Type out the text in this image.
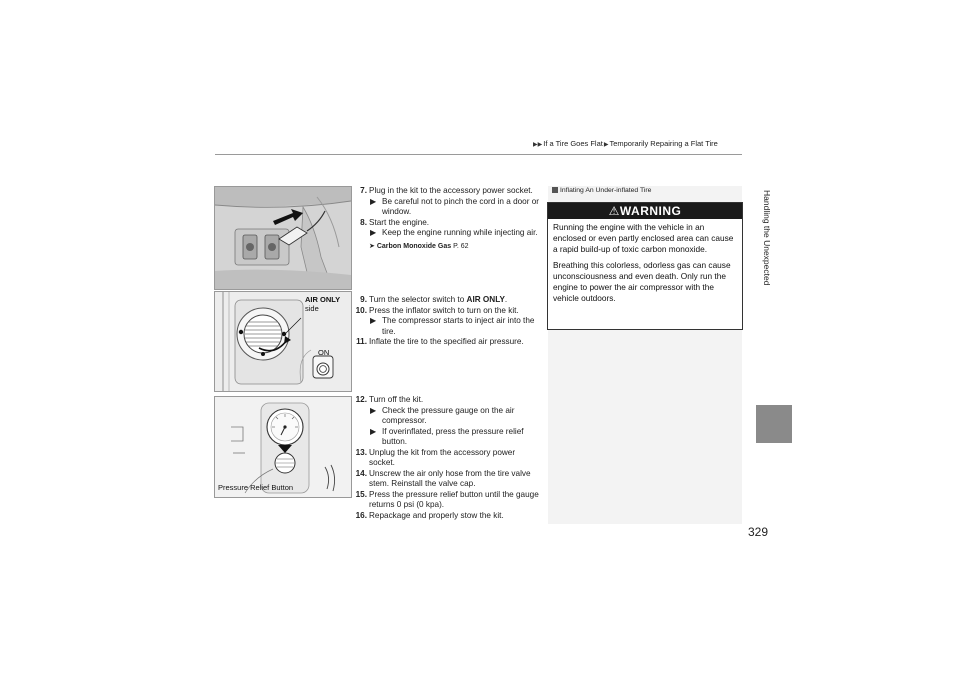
▶▶If a Tire Goes Flat▶Temporarily Repairing a Flat Tire
Handling the Unexpected
329
AIR ONLY
side
ON
Pressure Relief Button
7. Plug in the kit to the accessory power socket.
▶ Be careful not to pinch the cord in a door or window.
8. Start the engine.
▶ Keep the engine running while injecting air.
➤ Carbon Monoxide Gas P. 62
9. Turn the selector switch to AIR ONLY.
10. Press the inflator switch to turn on the kit.
▶ The compressor starts to inject air into the tire.
11. Inflate the tire to the specified air pressure.
12. Turn off the kit.
▶ Check the pressure gauge on the air compressor.
▶ If overinflated, press the pressure relief button.
13. Unplug the kit from the accessory power socket.
14. Unscrew the air only hose from the tire valve stem. Reinstall the valve cap.
15. Press the pressure relief button until the gauge returns 0 psi (0 kpa).
16. Repackage and properly stow the kit.
Inflating An Under-inflated Tire
⚠WARNING

Running the engine with the vehicle in an enclosed or even partly enclosed area can cause a rapid build-up of toxic carbon monoxide.

Breathing this colorless, odorless gas can cause unconsciousness and even death. Only run the engine to power the air compressor with the vehicle outdoors.
